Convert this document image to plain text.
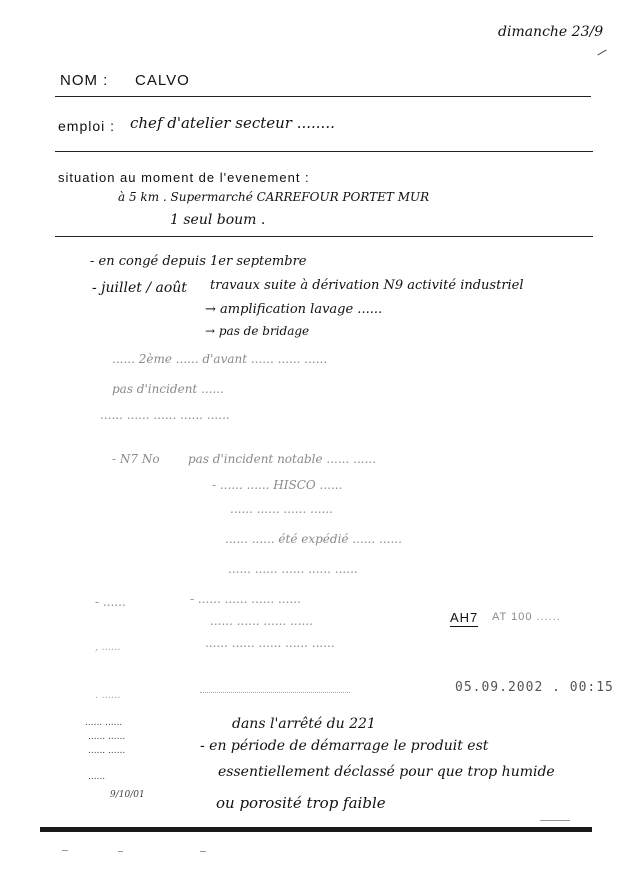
dimanche 23/9
NOM : CALVO
emploi : chef d'atelier secteur ........
situation au moment de l'evenement :
à 5 km . Supermarché CARREFOUR PORTET MUR
1 seul boum .
- en congé depuis 1er septembre
- juillet / août travaux suite à dérivation N9 activité industriel
→ amplification lavage ......
→ pas de bridage
...... 2ème ...... d'avant ...... ...... ......
pas d'incident ......
...... ...... ...... ...... ......
- N7 No pas d'incident notable ...... ......
- ...... ...... HISCO ......
...... ...... ...... ......
...... ...... été expédié ...... ......
...... ...... ...... ...... ......
- ......	- ...... ...... ...... ......
...... ...... ...... ......	AH7 AT 100 ......
...... ...... ...... ...... ......
05.09.2002 . 00:15
dans l'arrêté du 221
- en période de démarrage le produit est
essentiellement déclassé pour que trop humide
ou porosité trop faible
, ......
. ......
...... ......
...... ......
...... ......
......
9/10/01
